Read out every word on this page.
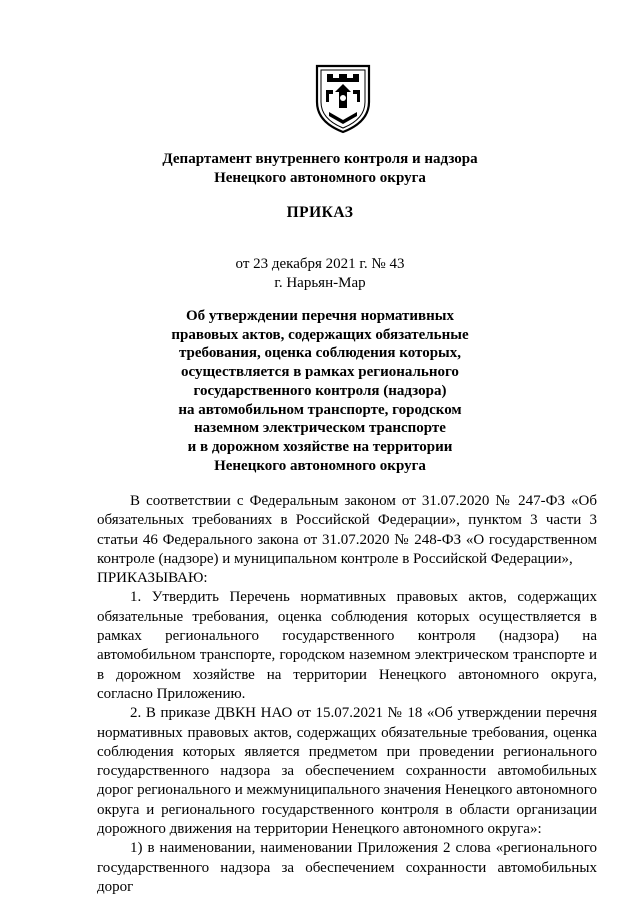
Департамент внутреннего контроля и надзора
Ненецкого автономного округа
ПРИКАЗ
от 23 декабря 2021 г. № 43
г. Нарьян-Мар
Об утверждении перечня нормативных
правовых актов, содержащих обязательные
требования, оценка соблюдения которых,
осуществляется в рамках регионального
государственного контроля (надзора)
на автомобильном транспорте, городском
наземном электрическом транспорте
и в дорожном хозяйстве на территории
Ненецкого автономного округа

В соответствии с Федеральным законом от 31.07.2020 № 247-ФЗ «Об обязательных требованиях в Российской Федерации», пунктом 3 части 3 статьи 46 Федерального закона от 31.07.2020 № 248-ФЗ «О государственном контроле (надзоре) и муниципальном контроле в Российской Федерации»,

ПРИКАЗЫВАЮ:

1. Утвердить Перечень нормативных правовых актов, содержащих обязательные требования, оценка соблюдения которых осуществляется в рамках регионального государственного контроля (надзора) на автомобильном транспорте, городском наземном электрическом транспорте и в дорожном хозяйстве на территории Ненецкого автономного округа, согласно Приложению.

2. В приказе ДВКН НАО от 15.07.2021 № 18 «Об утверждении перечня нормативных правовых актов, содержащих обязательные требования, оценка соблюдения которых является предметом при проведении регионального государственного надзора за обеспечением сохранности автомобильных дорог регионального и межмуниципального значения Ненецкого автономного округа и регионального государственного контроля в области организации дорожного движения на территории Ненецкого автономного округа»:

1) в наименовании, наименовании Приложения 2 слова «регионального государственного надзора за обеспечением сохранности автомобильных дорог
